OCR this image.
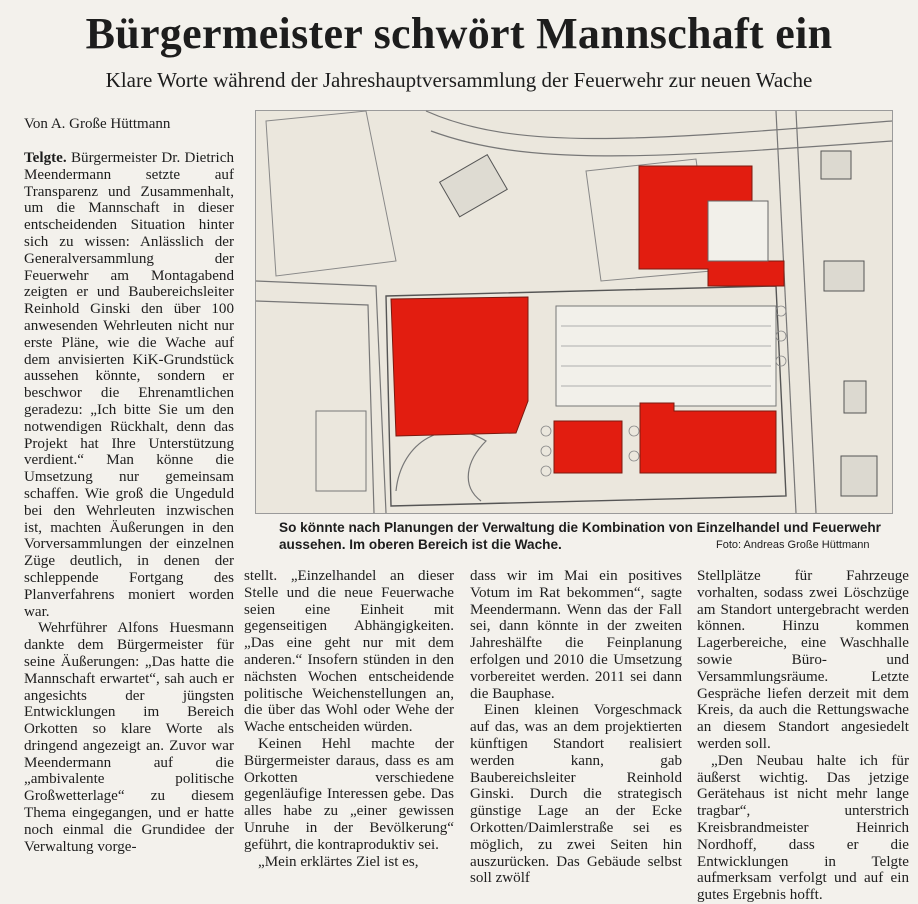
Bürgermeister schwört Mannschaft ein
Klare Worte während der Jahreshauptversammlung der Feuerwehr zur neuen Wache
Von A. Große Hüttmann

Telgte. Bürgermeister Dr. Dietrich Meendermann setzte auf Transparenz und Zusammenhalt, um die Mannschaft in dieser entscheidenden Situation hinter sich zu wissen: Anlässlich der Generalversammlung der Feuerwehr am Montagabend zeigten er und Baubereichsleiter Reinhold Ginski den über 100 anwesenden Wehrleuten nicht nur erste Pläne, wie die Wache auf dem anvisierten KiK-Grundstück aussehen könnte, sondern er beschwor die Ehrenamtlichen geradezu: „Ich bitte Sie um den notwendigen Rückhalt, denn das Projekt hat Ihre Unterstützung verdient.“ Man könne die Umsetzung nur gemeinsam schaffen. Wie groß die Ungeduld bei den Wehrleuten inzwischen ist, machten Äußerungen in den Vorversammlungen der einzelnen Züge deutlich, in denen der schleppende Fortgang des Planverfahrens moniert worden war.

Wehrführer Alfons Huesmann dankte dem Bürgermeister für seine Äußerungen: „Das hatte die Mannschaft erwartet“, sah auch er angesichts der jüngsten Entwicklungen im Bereich Orkotten so klare Worte als dringend angezeigt an. Zuvor war Meendermann auf die „ambivalente politische Großwetterlage“ zu diesem Thema eingegangen, und er hatte noch einmal die Grundidee der Verwaltung vorge-

So könnte nach Planungen der Verwaltung die Kombination von Einzelhandel und Feuerwehr aussehen. Im oberen Bereich ist die Wache.	Foto: Andreas Große Hüttmann

stellt. „Einzelhandel an dieser Stelle und die neue Feuerwache seien eine Einheit mit gegenseitigen Abhängigkeiten. „Das eine geht nur mit dem anderen.“ Insofern stünden in den nächsten Wochen entscheidende politische Weichenstellungen an, die über das Wohl oder Wehe der Wache entscheiden würden.

Keinen Hehl machte der Bürgermeister daraus, dass es am Orkotten verschiedene gegenläufige Interessen gebe. Das alles habe zu „einer gewissen Unruhe in der Bevölkerung“ geführt, die kontraproduktiv sei.

„Mein erklärtes Ziel ist es,

dass wir im Mai ein positives Votum im Rat bekommen“, sagte Meendermann. Wenn das der Fall sei, dann könnte in der zweiten Jahreshälfte die Feinplanung erfolgen und 2010 die Umsetzung vorbereitet werden. 2011 sei dann die Bauphase.

Einen kleinen Vorgeschmack auf das, was an dem projektierten künftigen Standort realisiert werden kann, gab Baubereichsleiter Reinhold Ginski. Durch die strategisch günstige Lage an der Ecke Orkotten/Daimlerstraße sei es möglich, zu zwei Seiten hin auszurücken. Das Gebäude selbst soll zwölf

Stellplätze für Fahrzeuge vorhalten, sodass zwei Löschzüge am Standort untergebracht werden können. Hinzu kommen Lagerbereiche, eine Waschhalle sowie Büro- und Versammlungsräume. Letzte Gespräche liefen derzeit mit dem Kreis, da auch die Rettungswache an diesem Standort angesiedelt werden soll.

„Den Neubau halte ich für äußerst wichtig. Das jetzige Gerätehaus ist nicht mehr lange tragbar“, unterstrich Kreisbrandmeister Heinrich Nordhoff, dass er die Entwicklungen in Telgte aufmerksam verfolgt und auf ein gutes Ergebnis hofft.
